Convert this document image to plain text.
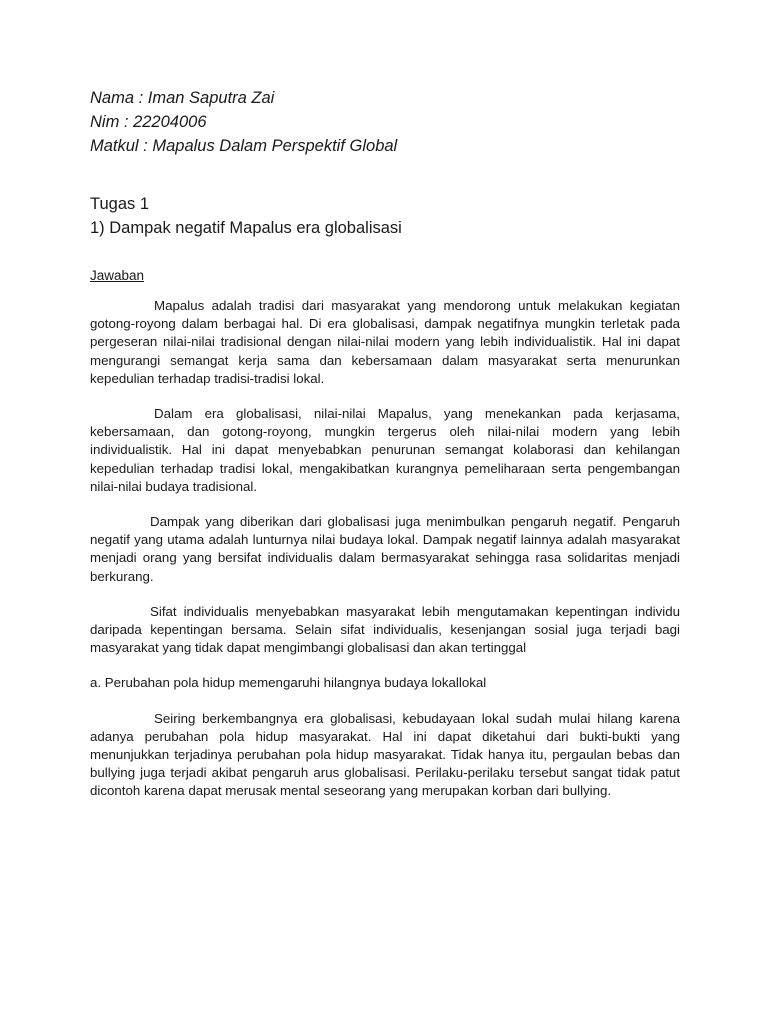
Nama : Iman Saputra Zai

Nim : 22204006

Matkul : Mapalus Dalam Perspektif Global

Tugas 1

1) Dampak negatif Mapalus era globalisasi

Jawaban

Mapalus adalah tradisi dari masyarakat yang mendorong untuk melakukan kegiatan gotong-royong dalam berbagai hal. Di era globalisasi, dampak negatifnya mungkin terletak pada pergeseran nilai-nilai tradisional dengan nilai-nilai modern yang lebih individualistik. Hal ini dapat mengurangi semangat kerja sama dan kebersamaan dalam masyarakat serta menurunkan kepedulian terhadap tradisi-tradisi lokal.

Dalam era globalisasi, nilai-nilai Mapalus, yang menekankan pada kerjasama, kebersamaan, dan gotong-royong, mungkin tergerus oleh nilai-nilai modern yang lebih individualistik. Hal ini dapat menyebabkan penurunan semangat kolaborasi dan kehilangan kepedulian terhadap tradisi lokal, mengakibatkan kurangnya pemeliharaan serta pengembangan nilai-nilai budaya tradisional.

Dampak yang diberikan dari globalisasi juga menimbulkan pengaruh negatif. Pengaruh negatif yang utama adalah lunturnya nilai budaya lokal. Dampak negatif lainnya adalah masyarakat menjadi orang yang bersifat individualis dalam bermasyarakat sehingga rasa solidaritas menjadi berkurang.

Sifat individualis menyebabkan masyarakat lebih mengutamakan kepentingan individu daripada kepentingan bersama. Selain sifat individualis, kesenjangan sosial juga terjadi bagi masyarakat yang tidak dapat mengimbangi globalisasi dan akan tertinggal

a. Perubahan pola hidup memengaruhi hilangnya budaya lokallokal

Seiring berkembangnya era globalisasi, kebudayaan lokal sudah mulai hilang karena adanya perubahan pola hidup masyarakat. Hal ini dapat diketahui dari bukti-bukti yang menunjukkan terjadinya perubahan pola hidup masyarakat. Tidak hanya itu, pergaulan bebas dan bullying juga terjadi akibat pengaruh arus globalisasi. Perilaku-perilaku tersebut sangat tidak patut dicontoh karena dapat merusak mental seseorang yang merupakan korban dari bullying.
